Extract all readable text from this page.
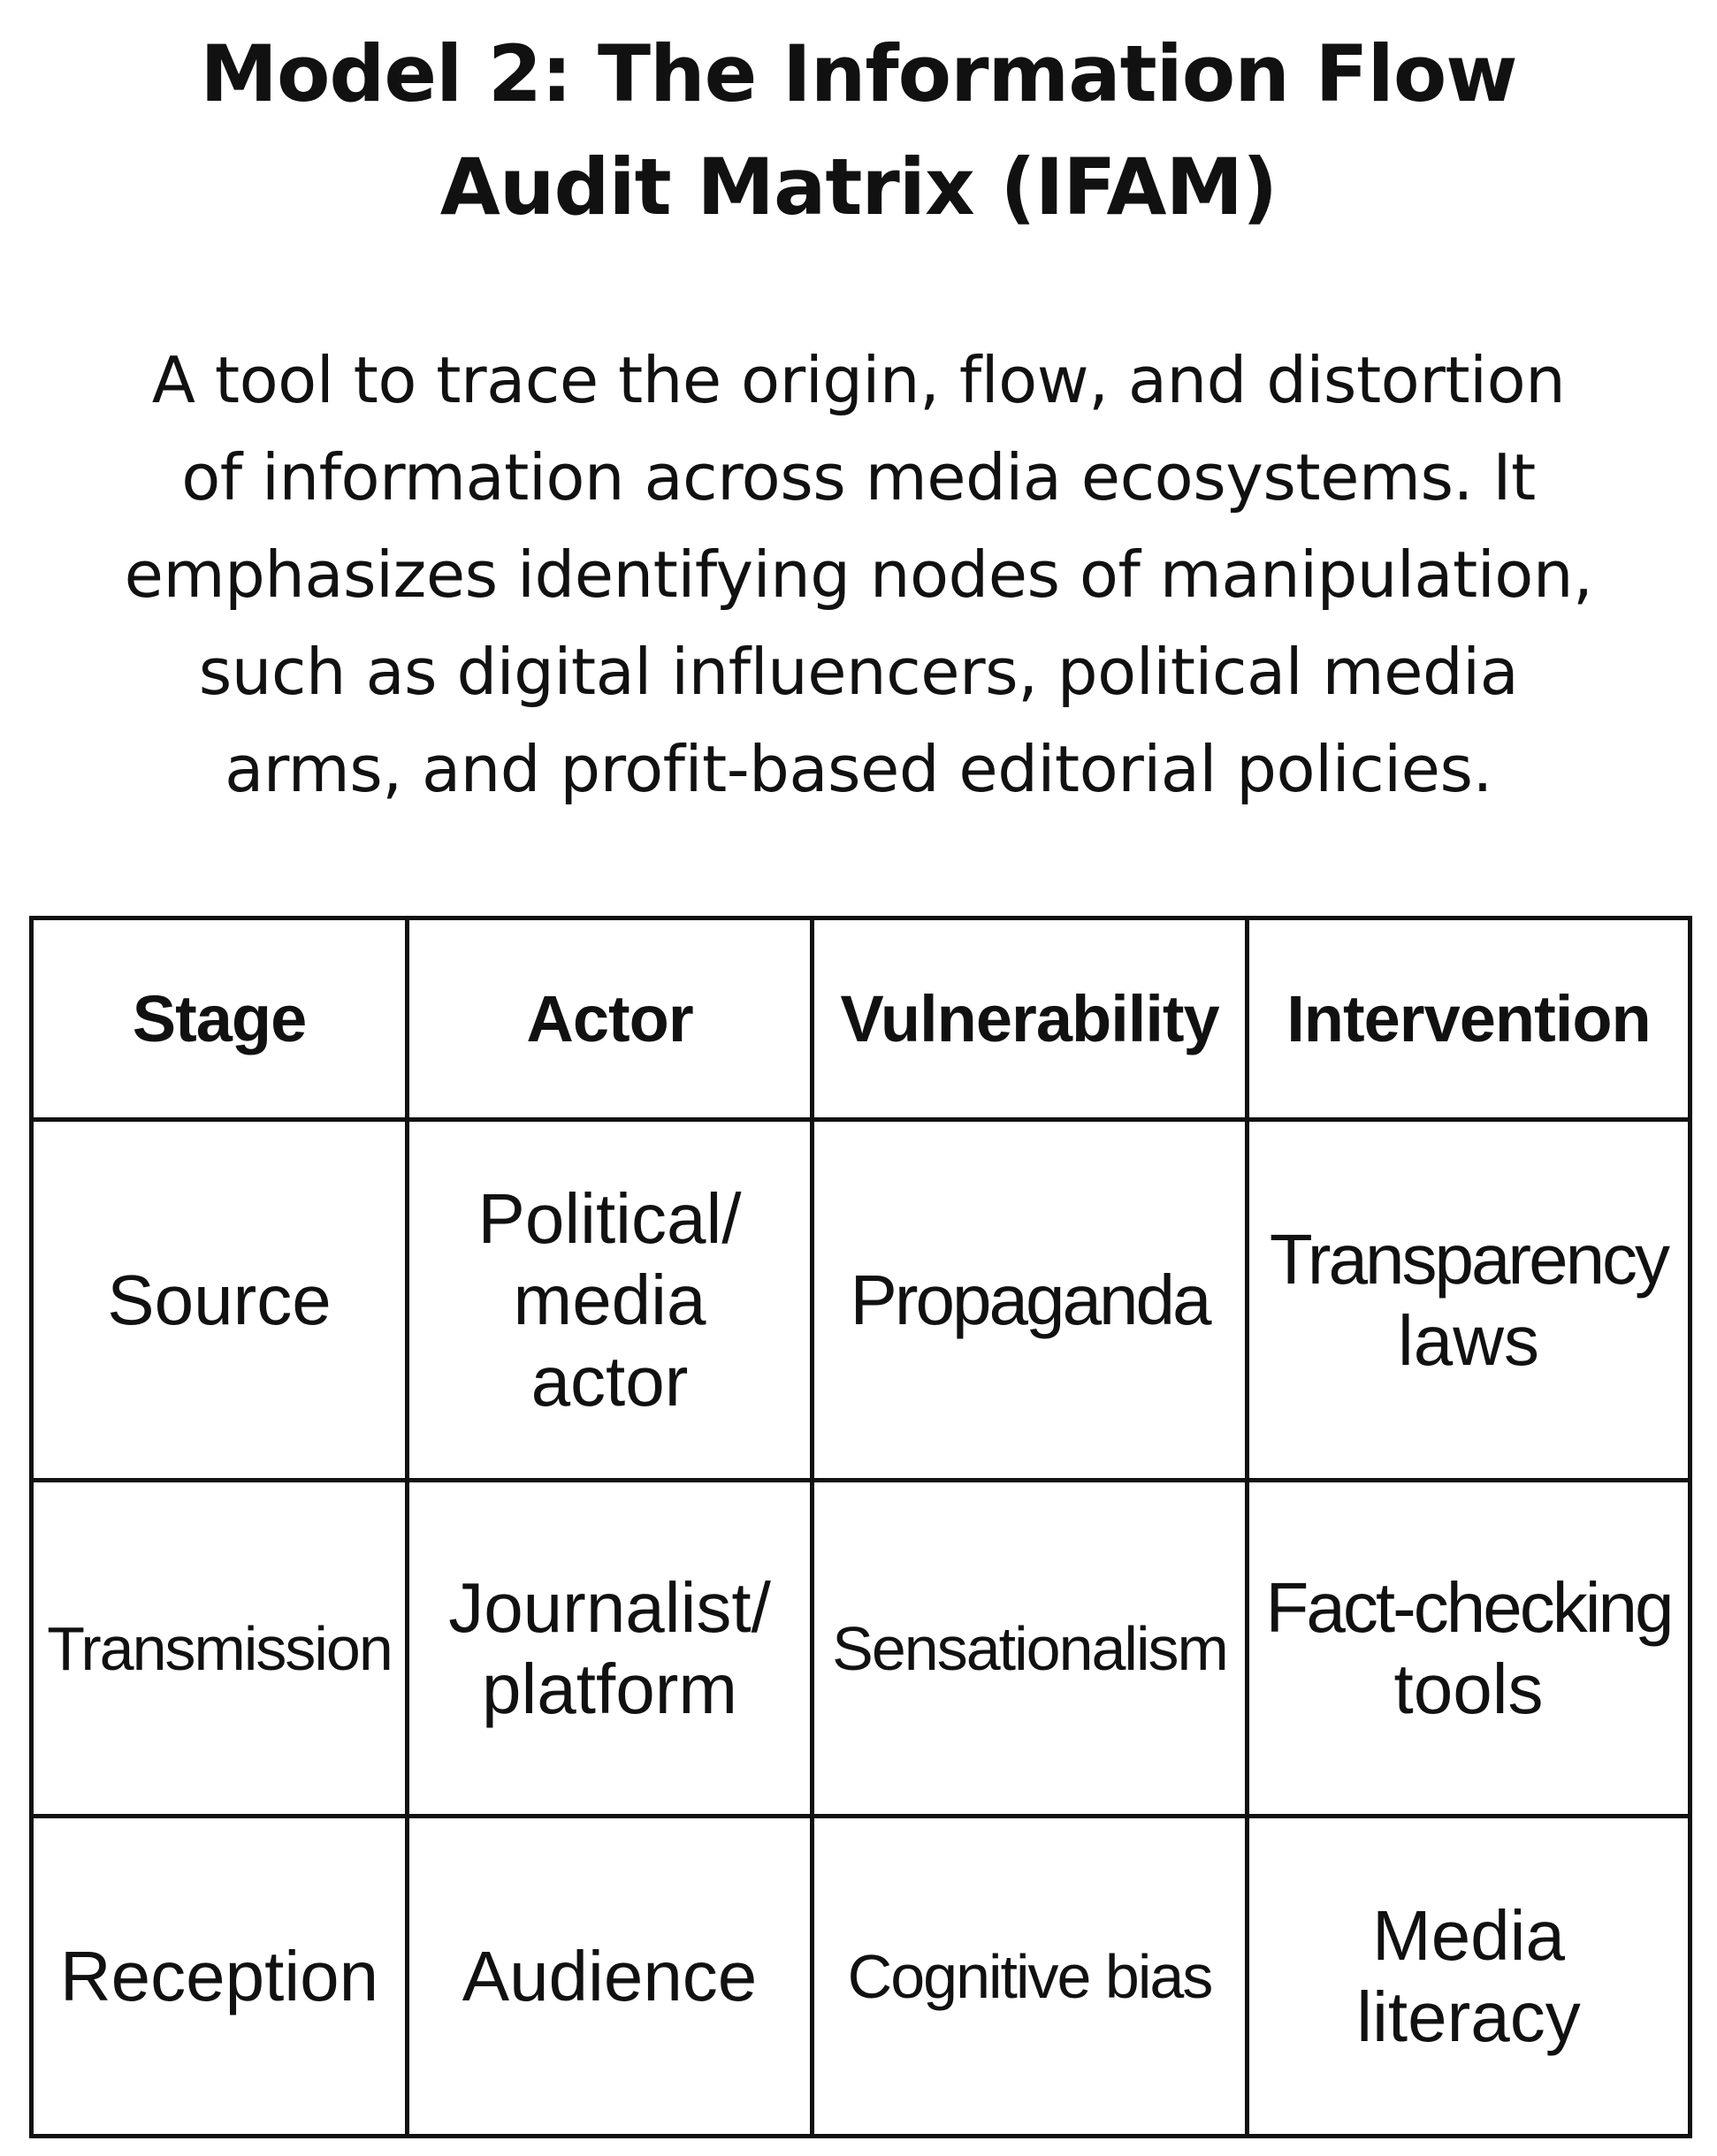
Model 2: The Information Flow
Audit Matrix (IFAM)
A tool to trace the origin, flow, and distortion
of information across media ecosystems. It
emphasizes identifying nodes of manipulation,
such as digital influencers, political media
arms, and profit-based editorial policies.
Stage	Actor	Vulnerability	Intervention

Source	Political/
media
actor	Propaganda	Transparency
laws

Transmission	Journalist/
platform	Sensationalism	Fact-checking
tools

Reception	Audience	Cognitive bias	Media
literacy
